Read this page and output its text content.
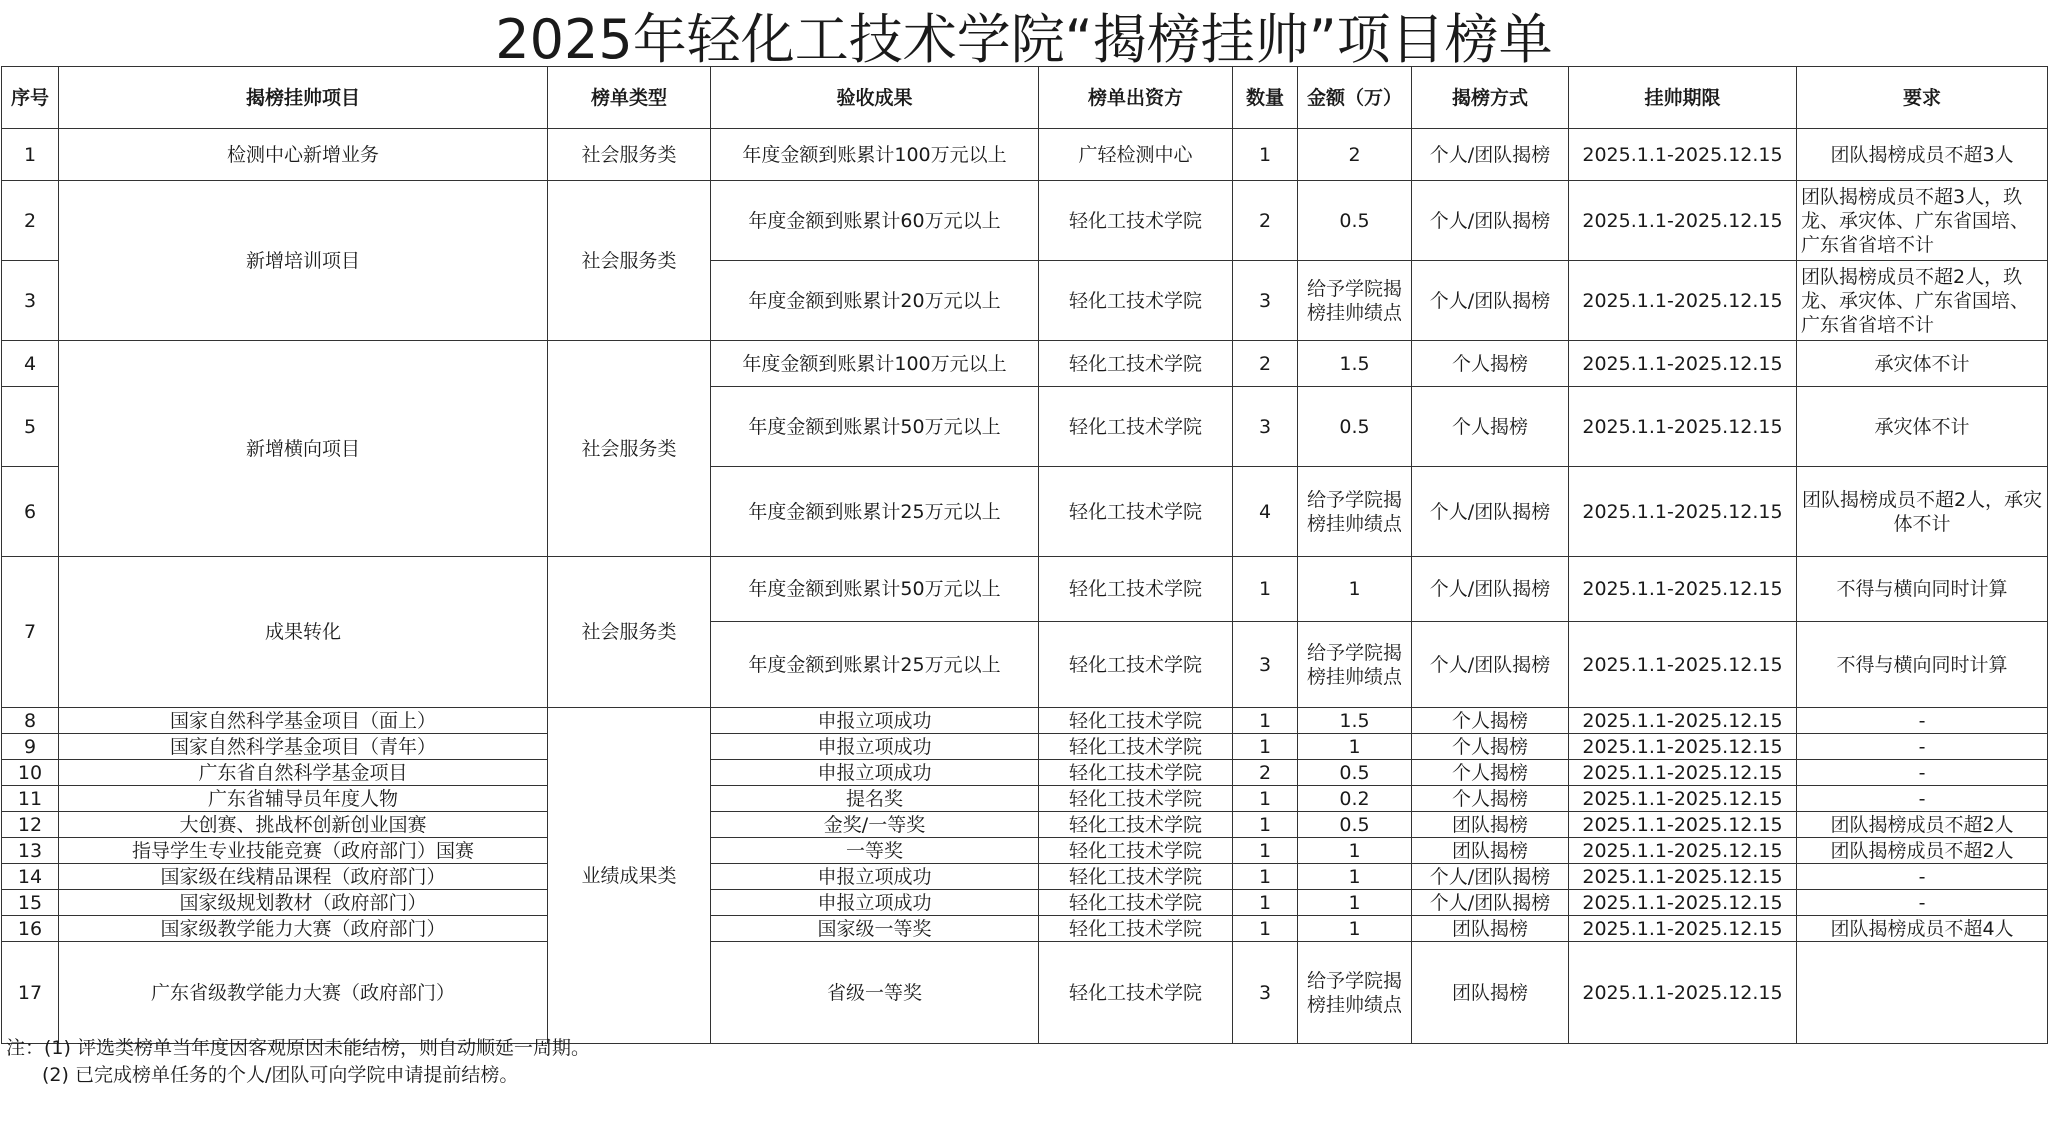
2025年轻化工技术学院“揭榜挂帅”项目榜单
序号	揭榜挂帅项目	榜单类型	验收成果	榜单出资方	数量	金额（万）	揭榜方式	挂帅期限	要求
1	检测中心新增业务	社会服务类	年度金额到账累计100万元以上	广轻检测中心	1	2	个人/团队揭榜	2025.1.1-2025.12.15	团队揭榜成员不超3人
2	新增培训项目	社会服务类	年度金额到账累计60万元以上	轻化工技术学院	2	0.5	个人/团队揭榜	2025.1.1-2025.12.15	团队揭榜成员不超3人，玖龙、承灾体、广东省国培、广东省省培不计
3			年度金额到账累计20万元以上	轻化工技术学院	3	给予学院揭榜挂帅绩点	个人/团队揭榜	2025.1.1-2025.12.15	团队揭榜成员不超2人，玖龙、承灾体、广东省国培、广东省省培不计
4	新增横向项目	社会服务类	年度金额到账累计100万元以上	轻化工技术学院	2	1.5	个人揭榜	2025.1.1-2025.12.15	承灾体不计
5			年度金额到账累计50万元以上	轻化工技术学院	3	0.5	个人揭榜	2025.1.1-2025.12.15	承灾体不计
6			年度金额到账累计25万元以上	轻化工技术学院	4	给予学院揭榜挂帅绩点	个人/团队揭榜	2025.1.1-2025.12.15	团队揭榜成员不超2人，承灾体不计
7	成果转化	社会服务类	年度金额到账累计50万元以上	轻化工技术学院	1	1	个人/团队揭榜	2025.1.1-2025.12.15	不得与横向同时计算
			年度金额到账累计25万元以上	轻化工技术学院	3	给予学院揭榜挂帅绩点	个人/团队揭榜	2025.1.1-2025.12.15	不得与横向同时计算
8	国家自然科学基金项目（面上）	业绩成果类	申报立项成功	轻化工技术学院	1	1.5	个人揭榜	2025.1.1-2025.12.15	-
9	国家自然科学基金项目（青年）		申报立项成功	轻化工技术学院	1	1	个人揭榜	2025.1.1-2025.12.15	-
10	广东省自然科学基金项目		申报立项成功	轻化工技术学院	2	0.5	个人揭榜	2025.1.1-2025.12.15	-
11	广东省辅导员年度人物		提名奖	轻化工技术学院	1	0.2	个人揭榜	2025.1.1-2025.12.15	-
12	大创赛、挑战杯创新创业国赛		金奖/一等奖	轻化工技术学院	1	0.5	团队揭榜	2025.1.1-2025.12.15	团队揭榜成员不超2人
13	指导学生专业技能竞赛（政府部门）国赛		一等奖	轻化工技术学院	1	1	团队揭榜	2025.1.1-2025.12.15	团队揭榜成员不超2人
14	国家级在线精品课程（政府部门）		申报立项成功	轻化工技术学院	1	1	个人/团队揭榜	2025.1.1-2025.12.15	-
15	国家级规划教材（政府部门）		申报立项成功	轻化工技术学院	1	1	个人/团队揭榜	2025.1.1-2025.12.15	-
16	国家级教学能力大赛（政府部门）		国家级一等奖	轻化工技术学院	1	1	团队揭榜	2025.1.1-2025.12.15	团队揭榜成员不超4人
17	广东省级教学能力大赛（政府部门）		省级一等奖	轻化工技术学院	3	给予学院揭榜挂帅绩点	团队揭榜	2025.1.1-2025.12.15	
注：(1) 评选类榜单当年度因客观原因未能结榜，则自动顺延一周期。
(2) 已完成榜单任务的个人/团队可向学院申请提前结榜。
